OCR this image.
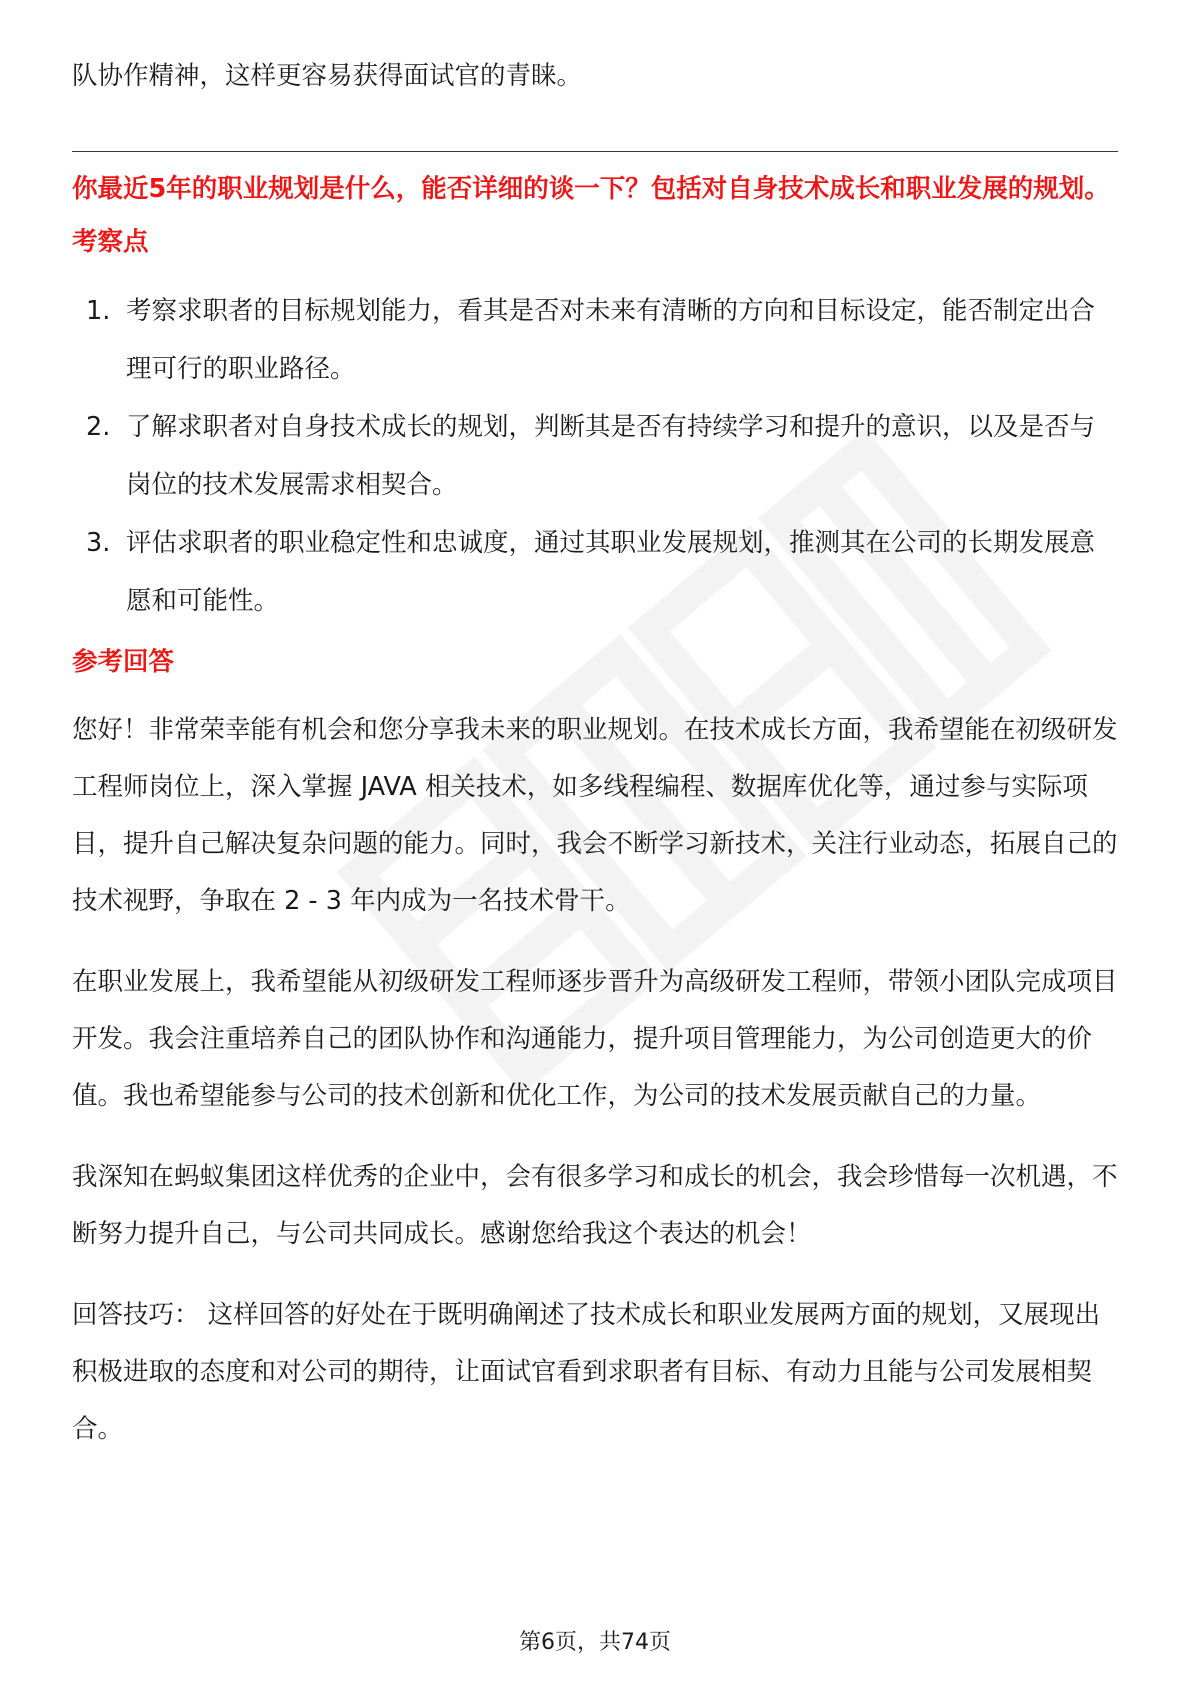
队协作精神，这样更容易获得面试官的青睐。

你最近5年的职业规划是什么，能否详细的谈一下？包括对自身技术成长和职业发展的规划。
考察点
1. 考察求职者的目标规划能力，看其是否对未来有清晰的方向和目标设定，能否制定出合理可行的职业路径。
2. 了解求职者对自身技术成长的规划，判断其是否有持续学习和提升的意识，以及是否与岗位的技术发展需求相契合。
3. 评估求职者的职业稳定性和忠诚度，通过其职业发展规划，推测其在公司的长期发展意愿和可能性。
参考回答

您好！非常荣幸能有机会和您分享我未来的职业规划。在技术成长方面，我希望能在初级研发工程师岗位上，深入掌握 JAVA 相关技术，如多线程编程、数据库优化等，通过参与实际项目，提升自己解决复杂问题的能力。同时，我会不断学习新技术，关注行业动态，拓展自己的技术视野，争取在 2 - 3 年内成为一名技术骨干。

在职业发展上，我希望能从初级研发工程师逐步晋升为高级研发工程师，带领小团队完成项目开发。我会注重培养自己的团队协作和沟通能力，提升项目管理能力，为公司创造更大的价值。我也希望能参与公司的技术创新和优化工作，为公司的技术发展贡献自己的力量。

我深知在蚂蚁集团这样优秀的企业中，会有很多学习和成长的机会，我会珍惜每一次机遇，不断努力提升自己，与公司共同成长。感谢您给我这个表达的机会！

回答技巧： 这样回答的好处在于既明确阐述了技术成长和职业发展两方面的规划，又展现出积极进取的态度和对公司的期待，让面试官看到求职者有目标、有动力且能与公司发展相契合。

第6页，共74页
